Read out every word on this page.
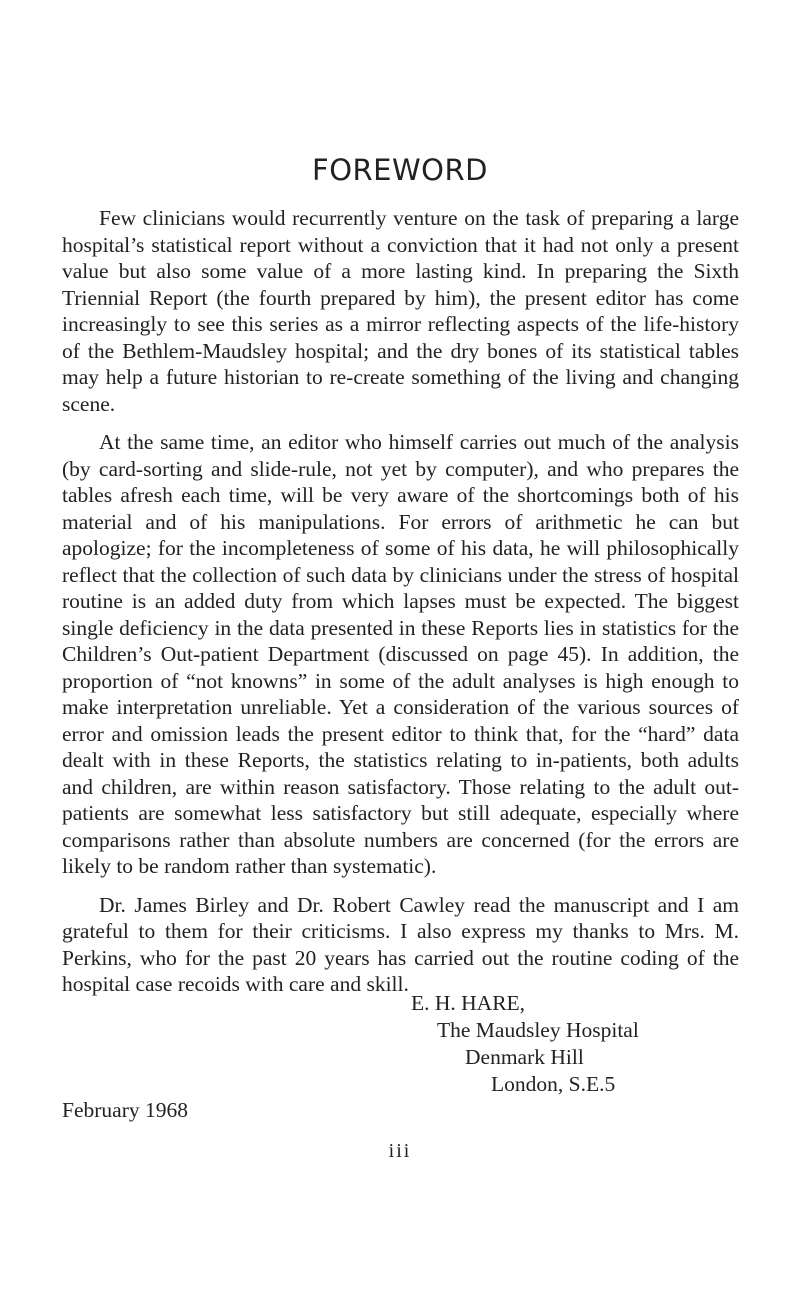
FOREWORD

Few clinicians would recurrently venture on the task of preparing a large hospital’s statistical report without a conviction that it had not only a present value but also some value of a more lasting kind. In preparing the Sixth Triennial Report (the fourth prepared by him), the present editor has come increasingly to see this series as a mirror reflecting aspects of the life-history of the Bethlem-Maudsley hospital; and the dry bones of its statistical tables may help a future historian to re-create something of the living and changing scene.

At the same time, an editor who himself carries out much of the analysis (by card-sorting and slide-rule, not yet by computer), and who prepares the tables afresh each time, will be very aware of the shortcomings both of his material and of his manipulations. For errors of arithmetic he can but apologize; for the incompleteness of some of his data, he will philosophically reflect that the collection of such data by clinicians under the stress of hospital routine is an added duty from which lapses must be expected. The biggest single deficiency in the data presented in these Reports lies in statistics for the Children’s Out-patient Department (discussed on page 45). In addition, the proportion of “not knowns” in some of the adult analyses is high enough to make interpretation unreliable. Yet a consideration of the various sources of error and omission leads the present editor to think that, for the “hard” data dealt with in these Reports, the statistics relating to in-patients, both adults and children, are within reason satisfactory. Those relating to the adult out-patients are somewhat less satisfactory but still adequate, especially where comparisons rather than absolute numbers are concerned (for the errors are likely to be random rather than systematic).

Dr. James Birley and Dr. Robert Cawley read the manuscript and I am grateful to them for their criticisms. I also express my thanks to Mrs. M. Perkins, who for the past 20 years has carried out the routine coding of the hospital case recoids with care and skill.

E. H. HARE,
The Maudsley Hospital
Denmark Hill
London, S.E.5
February 1968
iii
